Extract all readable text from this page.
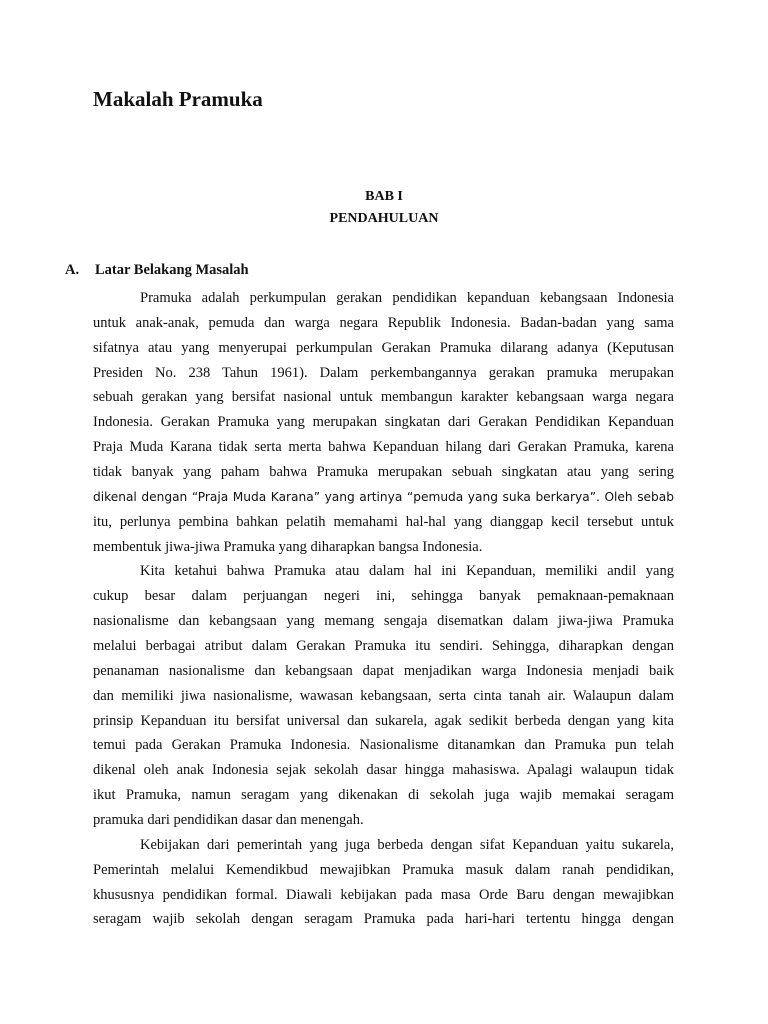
Makalah Pramuka
BAB I
PENDAHULUAN
A. Latar Belakang Masalah
Pramuka adalah perkumpulan gerakan pendidikan kepanduan kebangsaan Indonesia
untuk anak-anak, pemuda dan warga negara Republik Indonesia. Badan-badan yang sama
sifatnya atau yang menyerupai perkumpulan Gerakan Pramuka dilarang adanya (Keputusan
Presiden No. 238 Tahun 1961). Dalam perkembangannya gerakan pramuka merupakan
sebuah gerakan yang bersifat nasional untuk membangun karakter kebangsaan warga negara
Indonesia. Gerakan Pramuka yang merupakan singkatan dari Gerakan Pendidikan Kepanduan
Praja Muda Karana tidak serta merta bahwa Kepanduan hilang dari Gerakan Pramuka, karena
tidak banyak yang paham bahwa Pramuka merupakan sebuah singkatan atau yang sering
dikenal dengan “Praja Muda Karana” yang artinya “pemuda yang suka berkarya”. Oleh sebab
itu, perlunya pembina bahkan pelatih memahami hal-hal yang dianggap kecil tersebut untuk
membentuk jiwa-jiwa Pramuka yang diharapkan bangsa Indonesia.
Kita ketahui bahwa Pramuka atau dalam hal ini Kepanduan, memiliki andil yang
cukup besar dalam perjuangan negeri ini, sehingga banyak pemaknaan-pemaknaan
nasionalisme dan kebangsaan yang memang sengaja disematkan dalam jiwa-jiwa Pramuka
melalui berbagai atribut dalam Gerakan Pramuka itu sendiri. Sehingga, diharapkan dengan
penanaman nasionalisme dan kebangsaan dapat menjadikan warga Indonesia menjadi baik
dan memiliki jiwa nasionalisme, wawasan kebangsaan, serta cinta tanah air. Walaupun dalam
prinsip Kepanduan itu bersifat universal dan sukarela, agak sedikit berbeda dengan yang kita
temui pada Gerakan Pramuka Indonesia. Nasionalisme ditanamkan dan Pramuka pun telah
dikenal oleh anak Indonesia sejak sekolah dasar hingga mahasiswa. Apalagi walaupun tidak
ikut Pramuka, namun seragam yang dikenakan di sekolah juga wajib memakai seragam
pramuka dari pendidikan dasar dan menengah.
Kebijakan dari pemerintah yang juga berbeda dengan sifat Kepanduan yaitu sukarela,
Pemerintah melalui Kemendikbud mewajibkan Pramuka masuk dalam ranah pendidikan,
khususnya pendidikan formal. Diawali kebijakan pada masa Orde Baru dengan mewajibkan
seragam wajib sekolah dengan seragam Pramuka pada hari-hari tertentu hingga dengan
